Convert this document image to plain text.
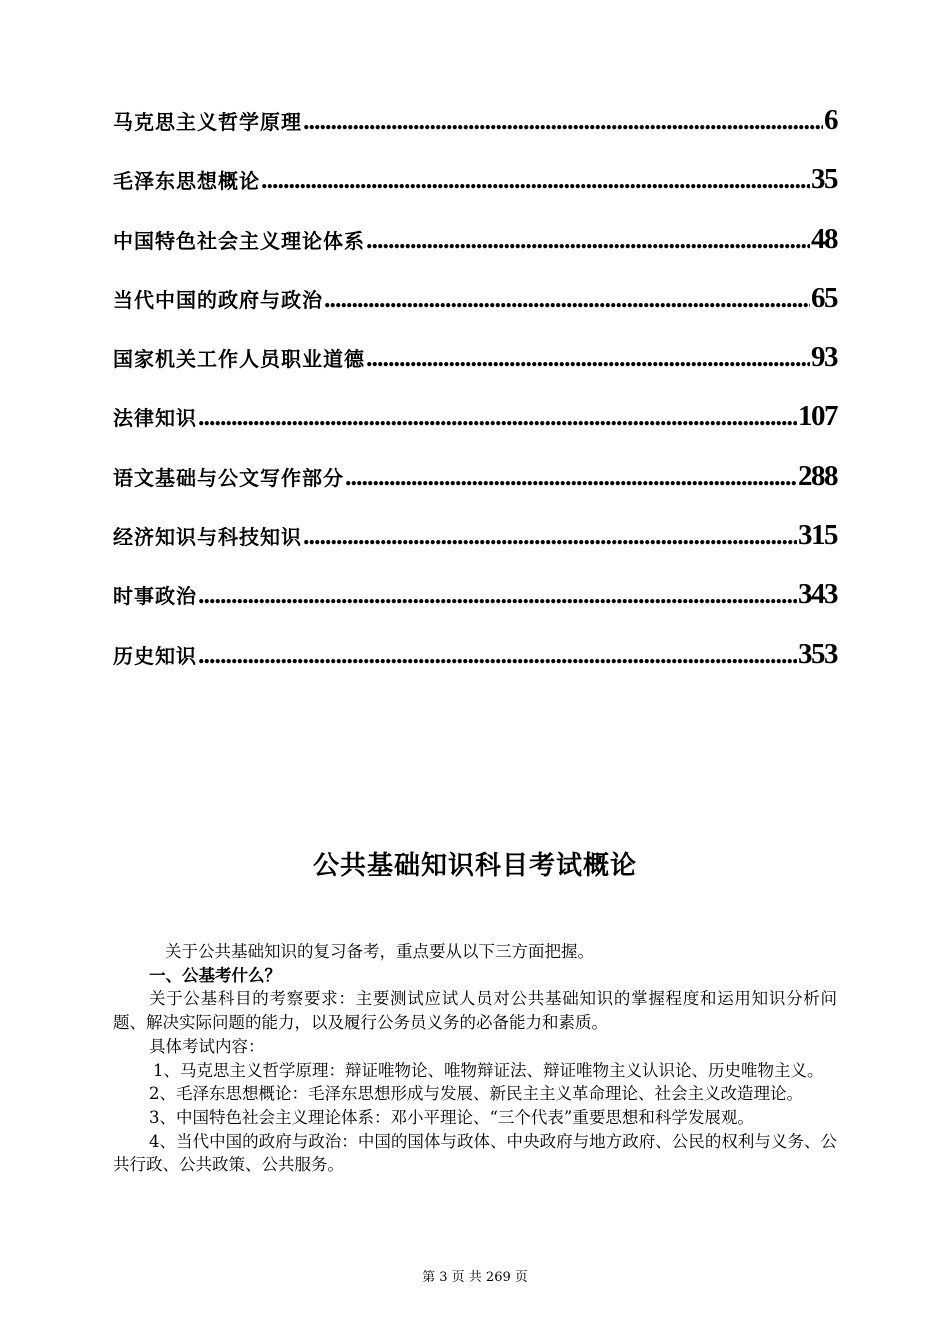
马克思主义哲学原理 .....	6
毛泽东思想概论 .....	35
中国特色社会主义理论体系 .....	48
当代中国的政府与政治 .....	65
国家机关工作人员职业道德 .....	93
法律知识 .....	107
语文基础与公文写作部分 .....	288
经济知识与科技知识 .....	315
时事政治 .....	343
历史知识 .....	353
公共基础知识科目考试概论

关于公共基础知识的复习备考，重点要从以下三方面把握。

一、公基考什么？

关于公基科目的考察要求：主要测试应试人员对公共基础知识的掌握程度和运用知识分析问题、解决实际问题的能力，以及履行公务员义务的必备能力和素质。

具体考试内容：

1、马克思主义哲学原理：辩证唯物论、唯物辩证法、辩证唯物主义认识论、历史唯物主义。

2、毛泽东思想概论：毛泽东思想形成与发展、新民主主义革命理论、社会主义改造理论。

3、中国特色社会主义理论体系：邓小平理论、“三个代表”重要思想和科学发展观。

4、当代中国的政府与政治：中国的国体与政体、中央政府与地方政府、公民的权利与义务、公共行政、公共政策、公共服务。

第 3 页 共 269 页
